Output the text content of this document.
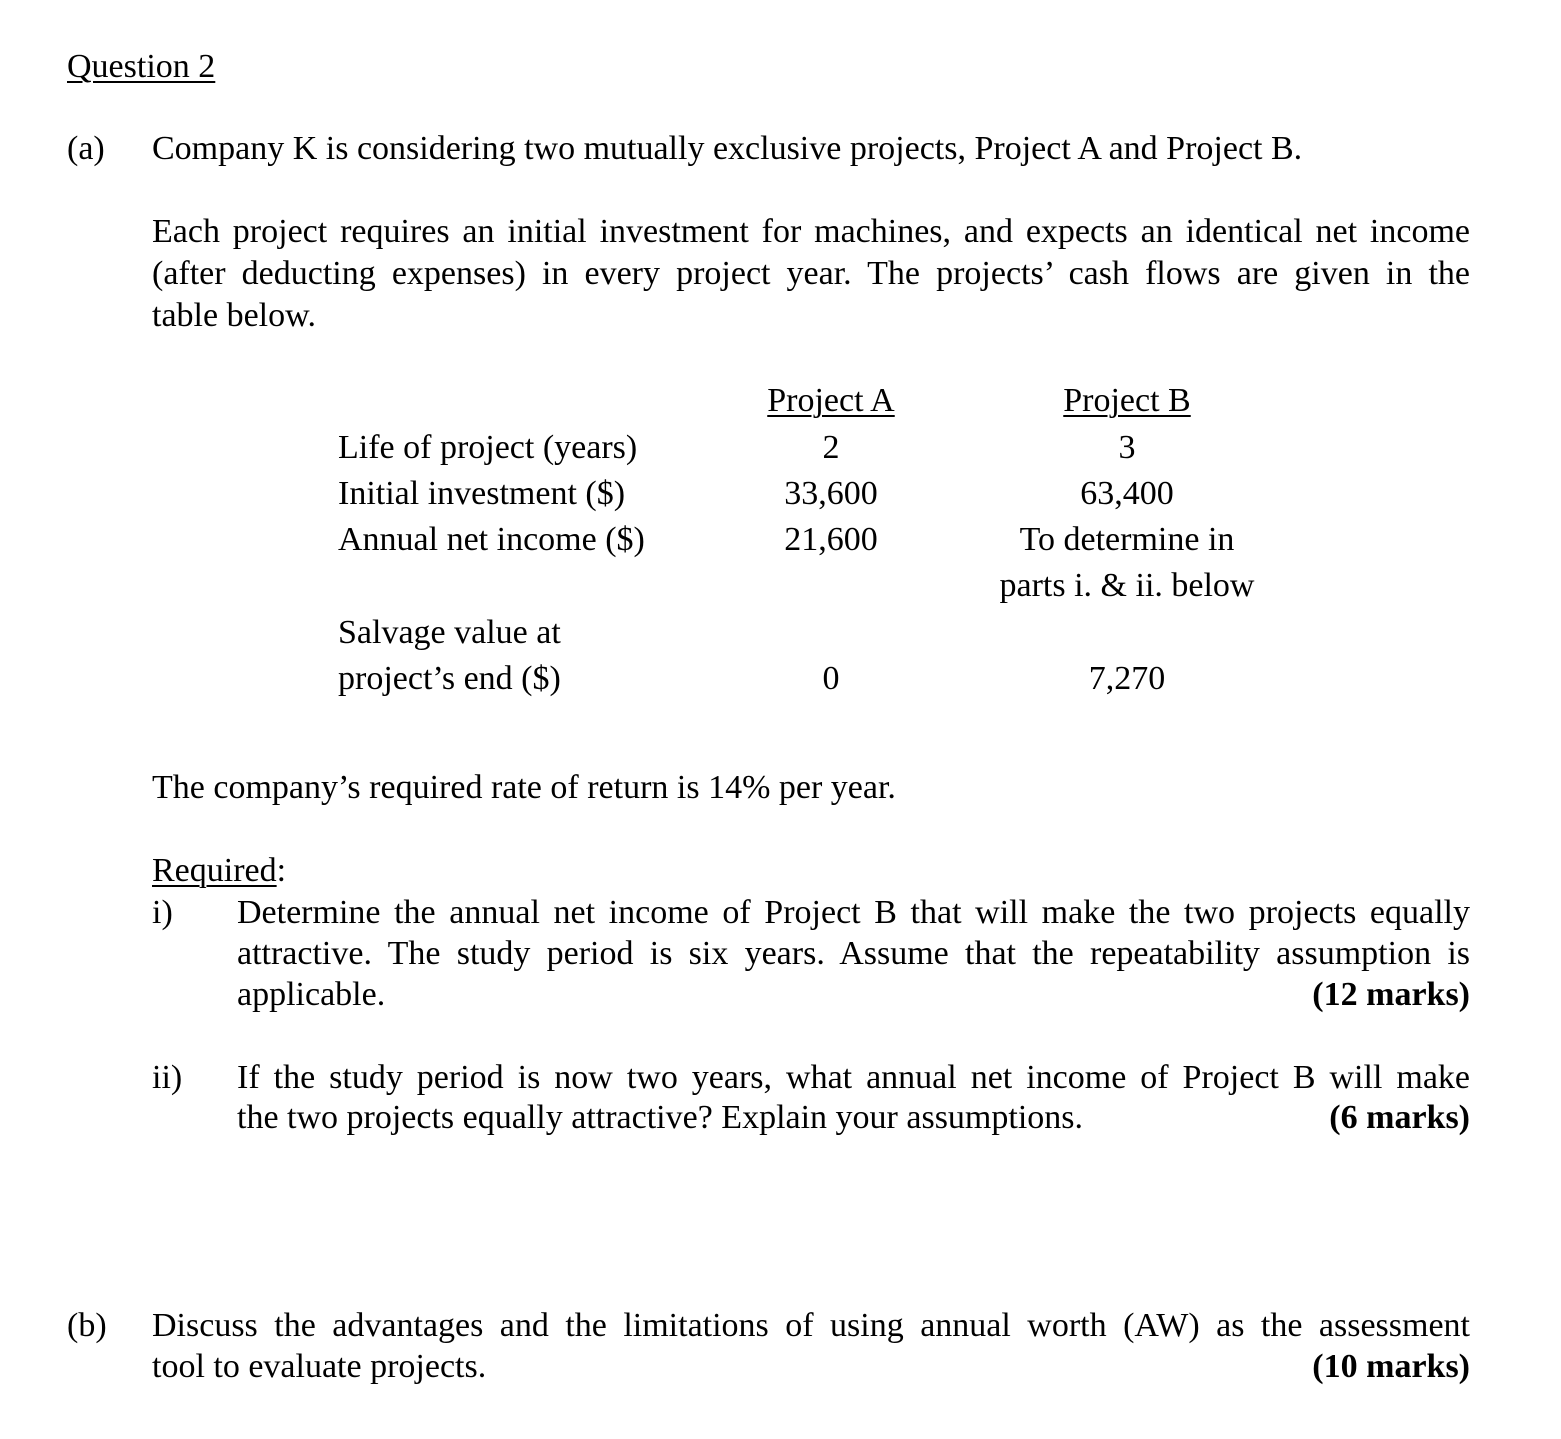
Question 2
(a) Company K is considering two mutually exclusive projects, Project A and Project B.
Each project requires an initial investment for machines, and expects an identical net income
(after deducting expenses) in every project year. The projects’ cash flows are given in the
table below.
Project A	Project B
Life of project (years)	2	3
Initial investment ($)	33,600	63,400
Annual net income ($)	21,600	To determine in
parts i. & ii. below
Salvage value at
project’s end ($)	0	7,270
The company’s required rate of return is 14% per year.
Required:
i) Determine the annual net income of Project B that will make the two projects equally
attractive. The study period is six years. Assume that the repeatability assumption is
applicable.	(12 marks)
ii) If the study period is now two years, what annual net income of Project B will make
the two projects equally attractive? Explain your assumptions.	(6 marks)
(b) Discuss the advantages and the limitations of using annual worth (AW) as the assessment
tool to evaluate projects.	(10 marks)
